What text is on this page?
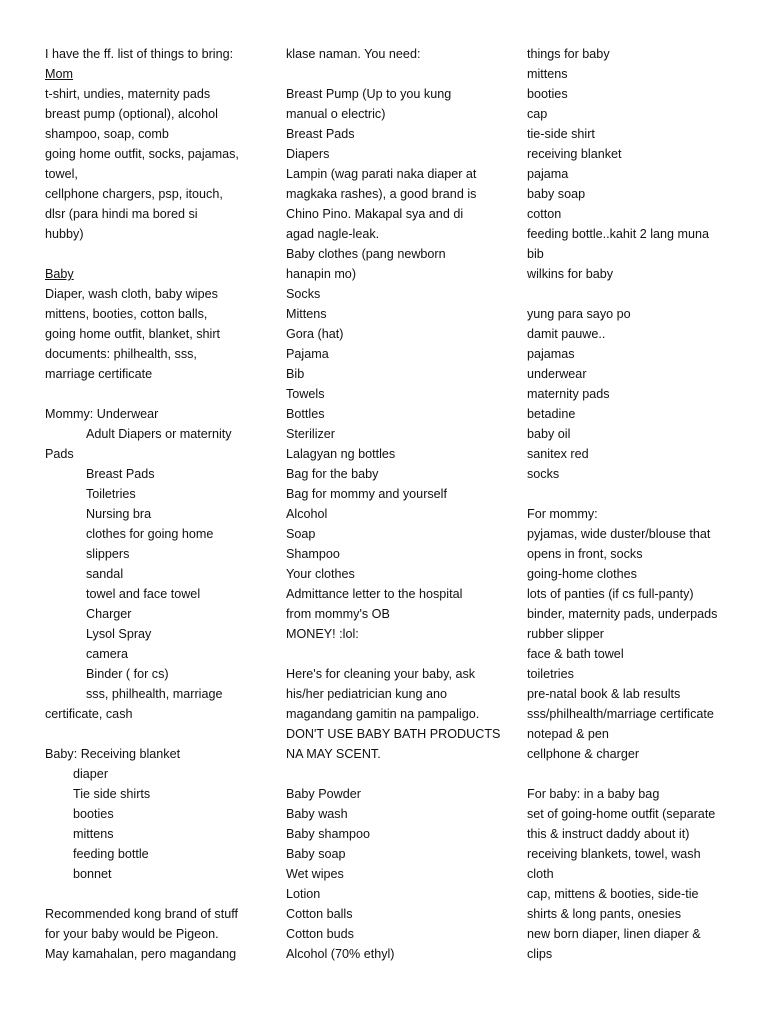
I have the ff. list of things to bring:
Mom
t-shirt, undies, maternity pads
breast pump (optional), alcohol
shampoo, soap, comb
going home outfit, socks, pajamas,
towel,
cellphone chargers, psp, itouch,
dlsr (para hindi ma bored si
hubby)
Baby
Diaper, wash cloth, baby wipes
mittens, booties, cotton balls,
going home outfit, blanket, shirt
documents: philhealth, sss,
marriage certificate
Mommy: Underwear
Adult Diapers or maternity
Pads
Breast Pads
Toiletries
Nursing bra
clothes for going home
slippers
sandal
towel and face towel
Charger
Lysol Spray
camera
Binder ( for cs)
sss, philhealth, marriage
certificate, cash
Baby: Receiving blanket
diaper
Tie side shirts
booties
mittens
feeding bottle
bonnet
Recommended kong brand of stuff
for your baby would be Pigeon.
May kamahalan, pero magandang
klase naman. You need:
Breast Pump (Up to you kung
manual o electric)
Breast Pads
Diapers
Lampin (wag parati naka diaper at
magkaka rashes), a good brand is
Chino Pino. Makapal sya and di
agad nagle-leak.
Baby clothes (pang newborn
hanapin mo)
Socks
Mittens
Gora (hat)
Pajama
Bib
Towels
Bottles
Sterilizer
Lalagyan ng bottles
Bag for the baby
Bag for mommy and yourself
Alcohol
Soap
Shampoo
Your clothes
Admittance letter to the hospital
from mommy's OB
MONEY! :lol:
Here's for cleaning your baby, ask
his/her pediatrician kung ano
magandang gamitin na pampaligo.
DON'T USE BABY BATH PRODUCTS
NA MAY SCENT.
Baby Powder
Baby wash
Baby shampoo
Baby soap
Wet wipes
Lotion
Cotton balls
Cotton buds
Alcohol (70% ethyl)
things for baby
mittens
booties
cap
tie-side shirt
receiving blanket
pajama
baby soap
cotton
feeding bottle..kahit 2 lang muna
bib
wilkins for baby
yung para sayo po
damit pauwe..
pajamas
underwear
maternity pads
betadine
baby oil
sanitex red
socks
For mommy:
pyjamas, wide duster/blouse that
opens in front, socks
going-home clothes
lots of panties (if cs full-panty)
binder, maternity pads, underpads
rubber slipper
face & bath towel
toiletries
pre-natal book & lab results
sss/philhealth/marriage certificate
notepad & pen
cellphone & charger
For baby: in a baby bag
set of going-home outfit (separate
this & instruct daddy about it)
receiving blankets, towel, wash
cloth
cap, mittens & booties, side-tie
shirts & long pants, onesies
new born diaper, linen diaper &
clips
